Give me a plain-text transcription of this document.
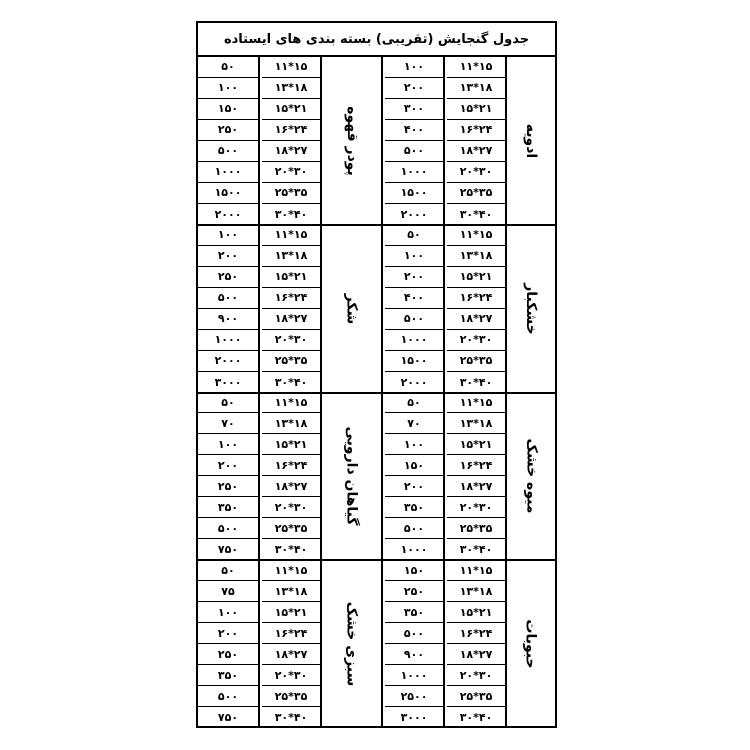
جدول گنجایش (تقریبی) بسته بندی های ایستاده
پودر قهوه
۱۱*۱۵
۵۰
۱۳*۱۸
۱۰۰
۱۵*۲۱
۱۵۰
۱۶*۲۴
۲۵۰
۱۸*۲۷
۵۰۰
۲۰*۳۰
۱۰۰۰
۲۵*۳۵
۱۵۰۰
۳۰*۴۰
۲۰۰۰
ادویه
۱۱*۱۵
۱۰۰
۱۳*۱۸
۲۰۰
۱۵*۲۱
۳۰۰
۱۶*۲۴
۴۰۰
۱۸*۲۷
۵۰۰
۲۰*۳۰
۱۰۰۰
۲۵*۳۵
۱۵۰۰
۳۰*۴۰
۲۰۰۰
شکر
۱۱*۱۵
۱۰۰
۱۳*۱۸
۲۰۰
۱۵*۲۱
۲۵۰
۱۶*۲۴
۵۰۰
۱۸*۲۷
۹۰۰
۲۰*۳۰
۱۰۰۰
۲۵*۳۵
۲۰۰۰
۳۰*۴۰
۳۰۰۰
خشکبار
۱۱*۱۵
۵۰
۱۳*۱۸
۱۰۰
۱۵*۲۱
۲۰۰
۱۶*۲۴
۴۰۰
۱۸*۲۷
۵۰۰
۲۰*۳۰
۱۰۰۰
۲۵*۳۵
۱۵۰۰
۳۰*۴۰
۲۰۰۰
گیاهان دارویی
۱۱*۱۵
۵۰
۱۳*۱۸
۷۰
۱۵*۲۱
۱۰۰
۱۶*۲۴
۲۰۰
۱۸*۲۷
۲۵۰
۲۰*۳۰
۳۵۰
۲۵*۳۵
۵۰۰
۳۰*۴۰
۷۵۰
میوه خشک
۱۱*۱۵
۵۰
۱۳*۱۸
۷۰
۱۵*۲۱
۱۰۰
۱۶*۲۴
۱۵۰
۱۸*۲۷
۲۰۰
۲۰*۳۰
۳۵۰
۲۵*۳۵
۵۰۰
۳۰*۴۰
۱۰۰۰
سبزی خشک
۱۱*۱۵
۵۰
۱۳*۱۸
۷۵
۱۵*۲۱
۱۰۰
۱۶*۲۴
۲۰۰
۱۸*۲۷
۲۵۰
۲۰*۳۰
۳۵۰
۲۵*۳۵
۵۰۰
۳۰*۴۰
۷۵۰
حبوبات
۱۱*۱۵
۱۵۰
۱۳*۱۸
۲۵۰
۱۵*۲۱
۳۵۰
۱۶*۲۴
۵۰۰
۱۸*۲۷
۹۰۰
۲۰*۳۰
۱۰۰۰
۲۵*۳۵
۲۵۰۰
۳۰*۴۰
۳۰۰۰
